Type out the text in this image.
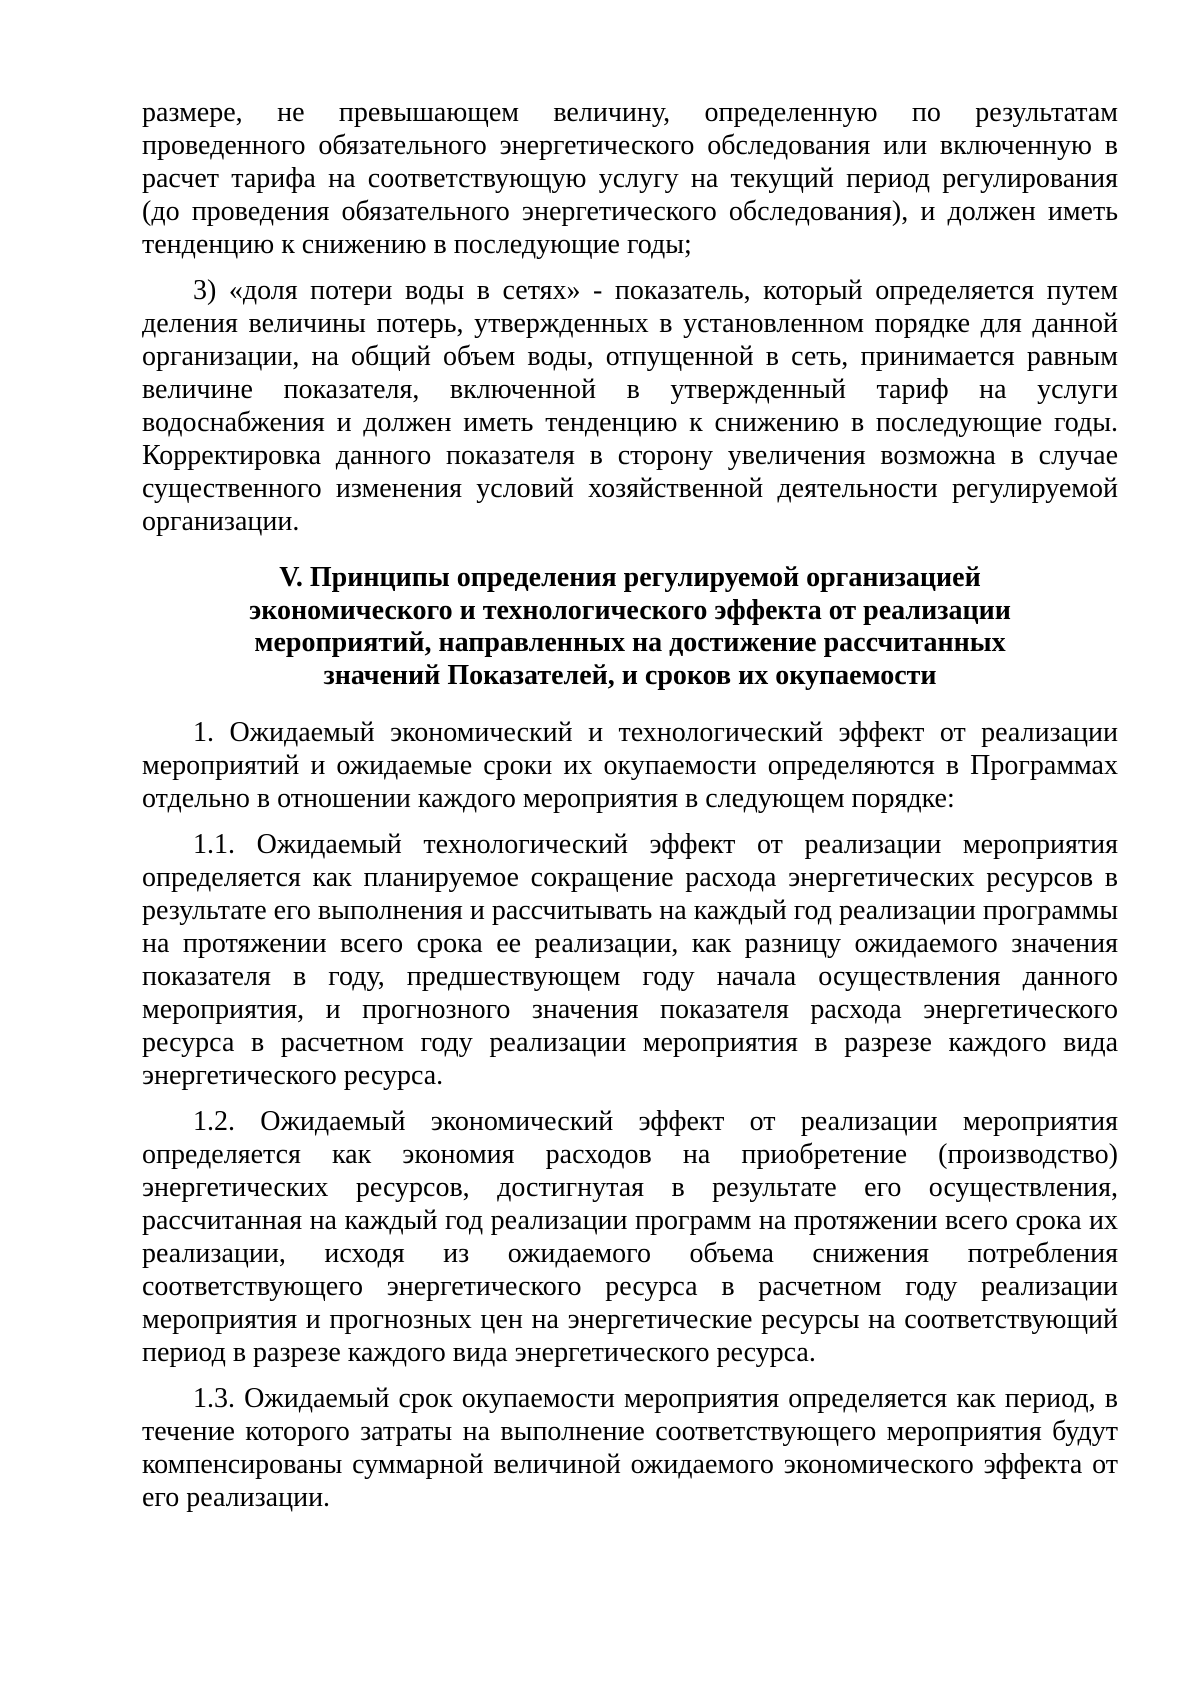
размере, не превышающем величину, определенную по результатам проведенного обязательного энергетического обследования или включенную в расчет тарифа на соответствующую услугу на текущий период регулирования (до проведения обязательного энергетического обследования), и должен иметь тенденцию к снижению в последующие годы;

3) «доля потери воды в сетях» - показатель, который определяется путем деления величины потерь, утвержденных в установленном порядке для данной организации, на общий объем воды, отпущенной в сеть, принимается равным величине показателя, включенной в утвержденный тариф на услуги водоснабжения и должен иметь тенденцию к снижению в последующие годы. Корректировка данного показателя в сторону увеличения возможна в случае существенного изменения условий хозяйственной деятельности регулируемой организации.

V. Принципы определения регулируемой организацией
экономического и технологического эффекта от реализации
мероприятий, направленных на достижение рассчитанных
значений Показателей, и сроков их окупаемости

1. Ожидаемый экономический и технологический эффект от реализации мероприятий и ожидаемые сроки их окупаемости определяются в Программах отдельно в отношении каждого мероприятия в следующем порядке:

1.1. Ожидаемый технологический эффект от реализации мероприятия определяется как планируемое сокращение расхода энергетических ресурсов в результате его выполнения и рассчитывать на каждый год реализации программы на протяжении всего срока ее реализации, как разницу ожидаемого значения показателя в году, предшествующем году начала осуществления данного мероприятия, и прогнозного значения показателя расхода энергетического ресурса в расчетном году реализации мероприятия в разрезе каждого вида энергетического ресурса.

1.2. Ожидаемый экономический эффект от реализации мероприятия определяется как экономия расходов на приобретение (производство) энергетических ресурсов, достигнутая в результате его осуществления, рассчитанная на каждый год реализации программ на протяжении всего срока их реализации, исходя из ожидаемого объема снижения потребления соответствующего энергетического ресурса в расчетном году реализации мероприятия и прогнозных цен на энергетические ресурсы на соответствующий период в разрезе каждого вида энергетического ресурса.

1.3. Ожидаемый срок окупаемости мероприятия определяется как период, в течение которого затраты на выполнение соответствующего мероприятия будут компенсированы суммарной величиной ожидаемого экономического эффекта от его реализации.
